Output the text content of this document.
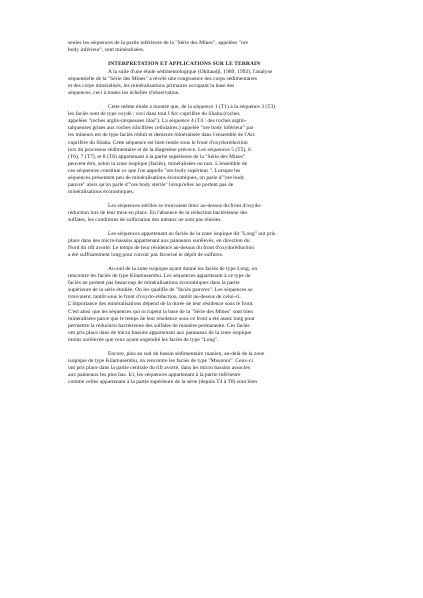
seules les séquences de la partie inférieure de la "Série des Mines", appelées "ore
body inférieur", sont minéralisées.
INTERPRETATION ET APPLICATIONS SUR LE TERRAIN
A la suite d'une étude sédimentologique (Okitaudji, 1989, 1992), l'analyse
séquentielle de la "Série des Mines" a révélé une congruence des corps sédimentaires
et des corps minéralisés, les minéralisations primaires occupant la base des
séquences, ceci à toutes les échelles d'observation.
Cette même étude a montré que, de la séquence 1 (T1) à la séquence 3 (T3)
les faciès sont de type oxydé ; ceci dans tout l'Arc cuprifère du Shaba (roches
appelées "roches argilo-talqueuses lilas"). La séquence 4 (T4 : des roches argilo-
talqueuses grises aux roches silicifiées cellulaires.) appelée "ore body inférieur" par
les mineurs est de type faciès réduit et demeure minéralisée dans l'ensemble de l'Arc
cuprifère du Shaba. Cette séquence est bien restée sous le front d'oxydoréduction
lors du processus sédimentaire et de la diagenèse précoce. Les séquences 5 (T5), 6
(T6), 7 (T7), et 8 (T8) appartenant à la partie supérieure de la "Série des Mines"
peuvent être, selon la zone isopique (faciès), minéralisées ou non. L'ensemble de
ces séquences constitue ce que l'on appelle "ore body supérieur ". Lorsque les
séquences présentent peu de minéralisations économiques, on parle d'"ore body
pauvre" alors qu'on parle d'"ore body stérile" lorsqu'elles ne portent pas de
minéralisations économiques.
Les séquences stériles se trouvaient donc au-dessus du front d'oxydo-
réduction lors de leur mise en place. En l'absence de la réduction bactérienne des
sulfates, les conditions de sulfuration des métaux ne sont pas réunies.
Les séquences appartenant au faciès de la zone isopique dit "Long" ont pris
place dans des micro-bassins appartenant aux panneaux surélevés, en direction du
Nord du rift avorté. Le temps de leur résidence au-dessus du front d'oxydoréduction
a été suffisamment long pour n'avoir pas favorisé le dépôt de sulfures.
Au sud de la zone isopique ayant donné les faciès de type Long, on
rencontre les faciès de type Kilamusembu. Les séquences appartenant à ce type de
faciès ne portent pas beaucoup de minéralisations économiques dans la partie
supérieure de la série étudiée. On les qualifie de "faciès pauvres". Les séquences se
trouvaient, tantôt sous le front d'oxydo-réduction, tantôt au-dessus de celui-ci.
L'importance des minéralisations dépend de la durée de leur résidence sous le front.
C'est ainsi que les séquences qui occupent la base de la "Série des Mines" sont bien
minéralisées parce que le temps de leur résidence sous ce front a été assez long pour
permettre la réduction bactérienne des sulfates de manière permanente. Ces faciès
ont pris place dans de micro bassins appartenant aux panneaux de la zone isopique
moins surélevée que ceux ayant engendré les faciès de type "Long".
Encore, plus au sud du bassin sédimentaire ruanien, au-delà de la zone
isopique de type Kilamusembu, on rencontre les faciès de type "Musonoi". Ceux-ci
ont pris place dans la partie centrale du rift avorté, dans les micro bassins associés
aux panneaux les plus bas. Ici, les séquences appartenant à la partie inférieure
comme celles appartenant à la partie supérieure de la série (depuis T4 à T8) sont bien
